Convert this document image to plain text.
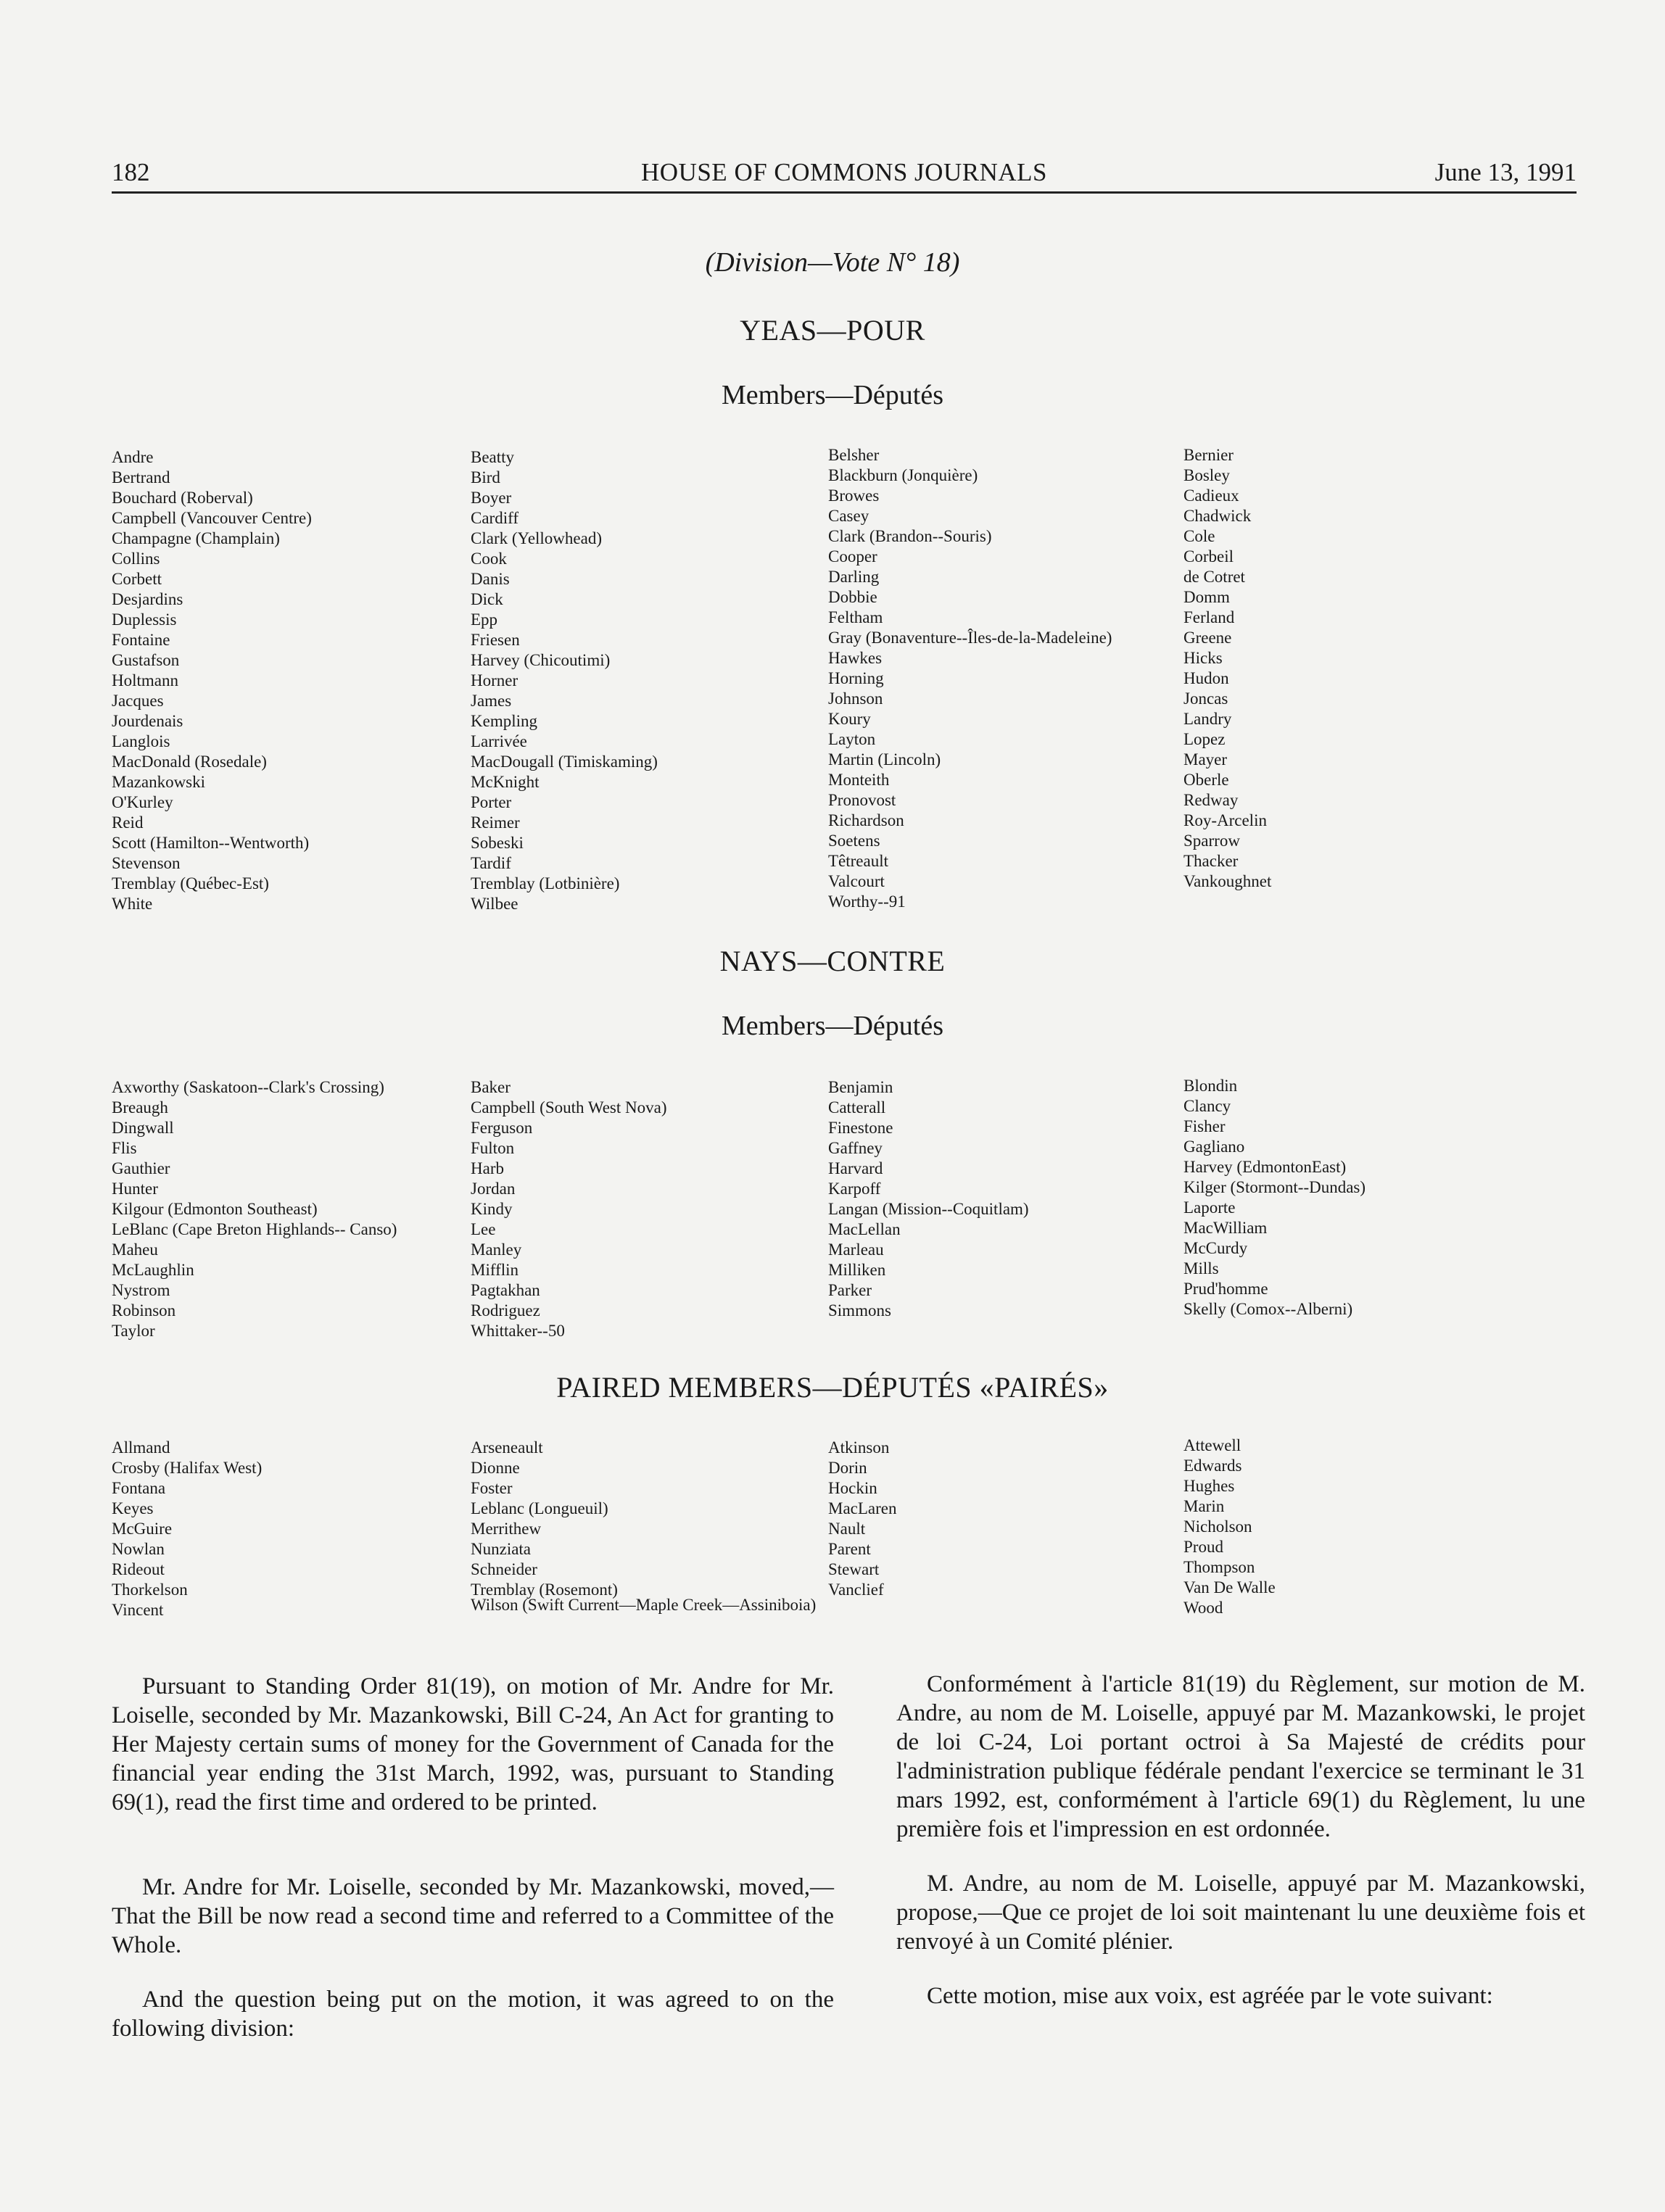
182	HOUSE OF COMMONS JOURNALS	June 13, 1991
(Division—Vote N° 18)
YEAS—POUR
Members—Députés
Andre
Bertrand
Bouchard (Roberval)
Campbell (Vancouver Centre)
Champagne (Champlain)
Collins
Corbett
Desjardins
Duplessis
Fontaine
Gustafson
Holtmann
Jacques
Jourdenais
Langlois
MacDonald (Rosedale)
Mazankowski
O'Kurley
Reid
Scott (Hamilton--Wentworth)
Stevenson
Tremblay (Québec-Est)
White
Beatty
Bird
Boyer
Cardiff
Clark (Yellowhead)
Cook
Danis
Dick
Epp
Friesen
Harvey (Chicoutimi)
Horner
James
Kempling
Larrivée
MacDougall (Timiskaming)
McKnight
Porter
Reimer
Sobeski
Tardif
Tremblay (Lotbinière)
Wilbee
Belsher
Blackburn (Jonquière)
Browes
Casey
Clark (Brandon--Souris)
Cooper
Darling
Dobbie
Feltham
Gray (Bonaventure--Îles-de-la-Madeleine)
Hawkes
Horning
Johnson
Koury
Layton
Martin (Lincoln)
Monteith
Pronovost
Richardson
Soetens
Têtreault
Valcourt
Worthy--91
Bernier
Bosley
Cadieux
Chadwick
Cole
Corbeil
de Cotret
Domm
Ferland
Greene
Hicks
Hudon
Joncas
Landry
Lopez
Mayer
Oberle
Redway
Roy-Arcelin
Sparrow
Thacker
Vankoughnet
NAYS—CONTRE
Members—Députés
Axworthy (Saskatoon--Clark's Crossing)
Breaugh
Dingwall
Flis
Gauthier
Hunter
Kilgour (Edmonton Southeast)
LeBlanc (Cape Breton Highlands-- Canso)
Maheu
McLaughlin
Nystrom
Robinson
Taylor
Baker
Campbell (South West Nova)
Ferguson
Fulton
Harb
Jordan
Kindy
Lee
Manley
Mifflin
Pagtakhan
Rodriguez
Whittaker--50
Benjamin
Catterall
Finestone
Gaffney
Harvard
Karpoff
Langan (Mission--Coquitlam)
MacLellan
Marleau
Milliken
Parker
Simmons
Blondin
Clancy
Fisher
Gagliano
Harvey (EdmontonEast)
Kilger (Stormont--Dundas)
Laporte
MacWilliam
McCurdy
Mills
Prud'homme
Skelly (Comox--Alberni)
PAIRED MEMBERS—DÉPUTÉS «PAIRÉS»
Allmand
Crosby (Halifax West)
Fontana
Keyes
McGuire
Nowlan
Rideout
Thorkelson
Vincent
Arseneault
Dionne
Foster
Leblanc (Longueuil)
Merrithew
Nunziata
Schneider
Tremblay (Rosemont)
Atkinson
Dorin
Hockin
MacLaren
Nault
Parent
Stewart
Vanclief
Attewell
Edwards
Hughes
Marin
Nicholson
Proud
Thompson
Van De Walle
Wood
Wilson (Swift Current—Maple Creek—Assiniboia)

Pursuant to Standing Order 81(19), on motion of Mr. Andre for Mr. Loiselle, seconded by Mr. Mazankowski, Bill C-24, An Act for granting to Her Majesty certain sums of money for the Government of Canada for the financial year ending the 31st March, 1992, was, pursuant to Standing 69(1), read the first time and ordered to be printed.

Mr. Andre for Mr. Loiselle, seconded by Mr. Mazankowski, moved,—That the Bill be now read a second time and referred to a Committee of the Whole.

And the question being put on the motion, it was agreed to on the following division:

Conformément à l'article 81(19) du Règlement, sur motion de M. Andre, au nom de M. Loiselle, appuyé par M. Mazankowski, le projet de loi C-24, Loi portant octroi à Sa Majesté de crédits pour l'administration publique fédérale pendant l'exercice se terminant le 31 mars 1992, est, conformément à l'article 69(1) du Règlement, lu une première fois et l'impression en est ordonnée.

M. Andre, au nom de M. Loiselle, appuyé par M. Mazankowski, propose,—Que ce projet de loi soit maintenant lu une deuxième fois et renvoyé à un Comité plénier.

Cette motion, mise aux voix, est agréée par le vote suivant:
